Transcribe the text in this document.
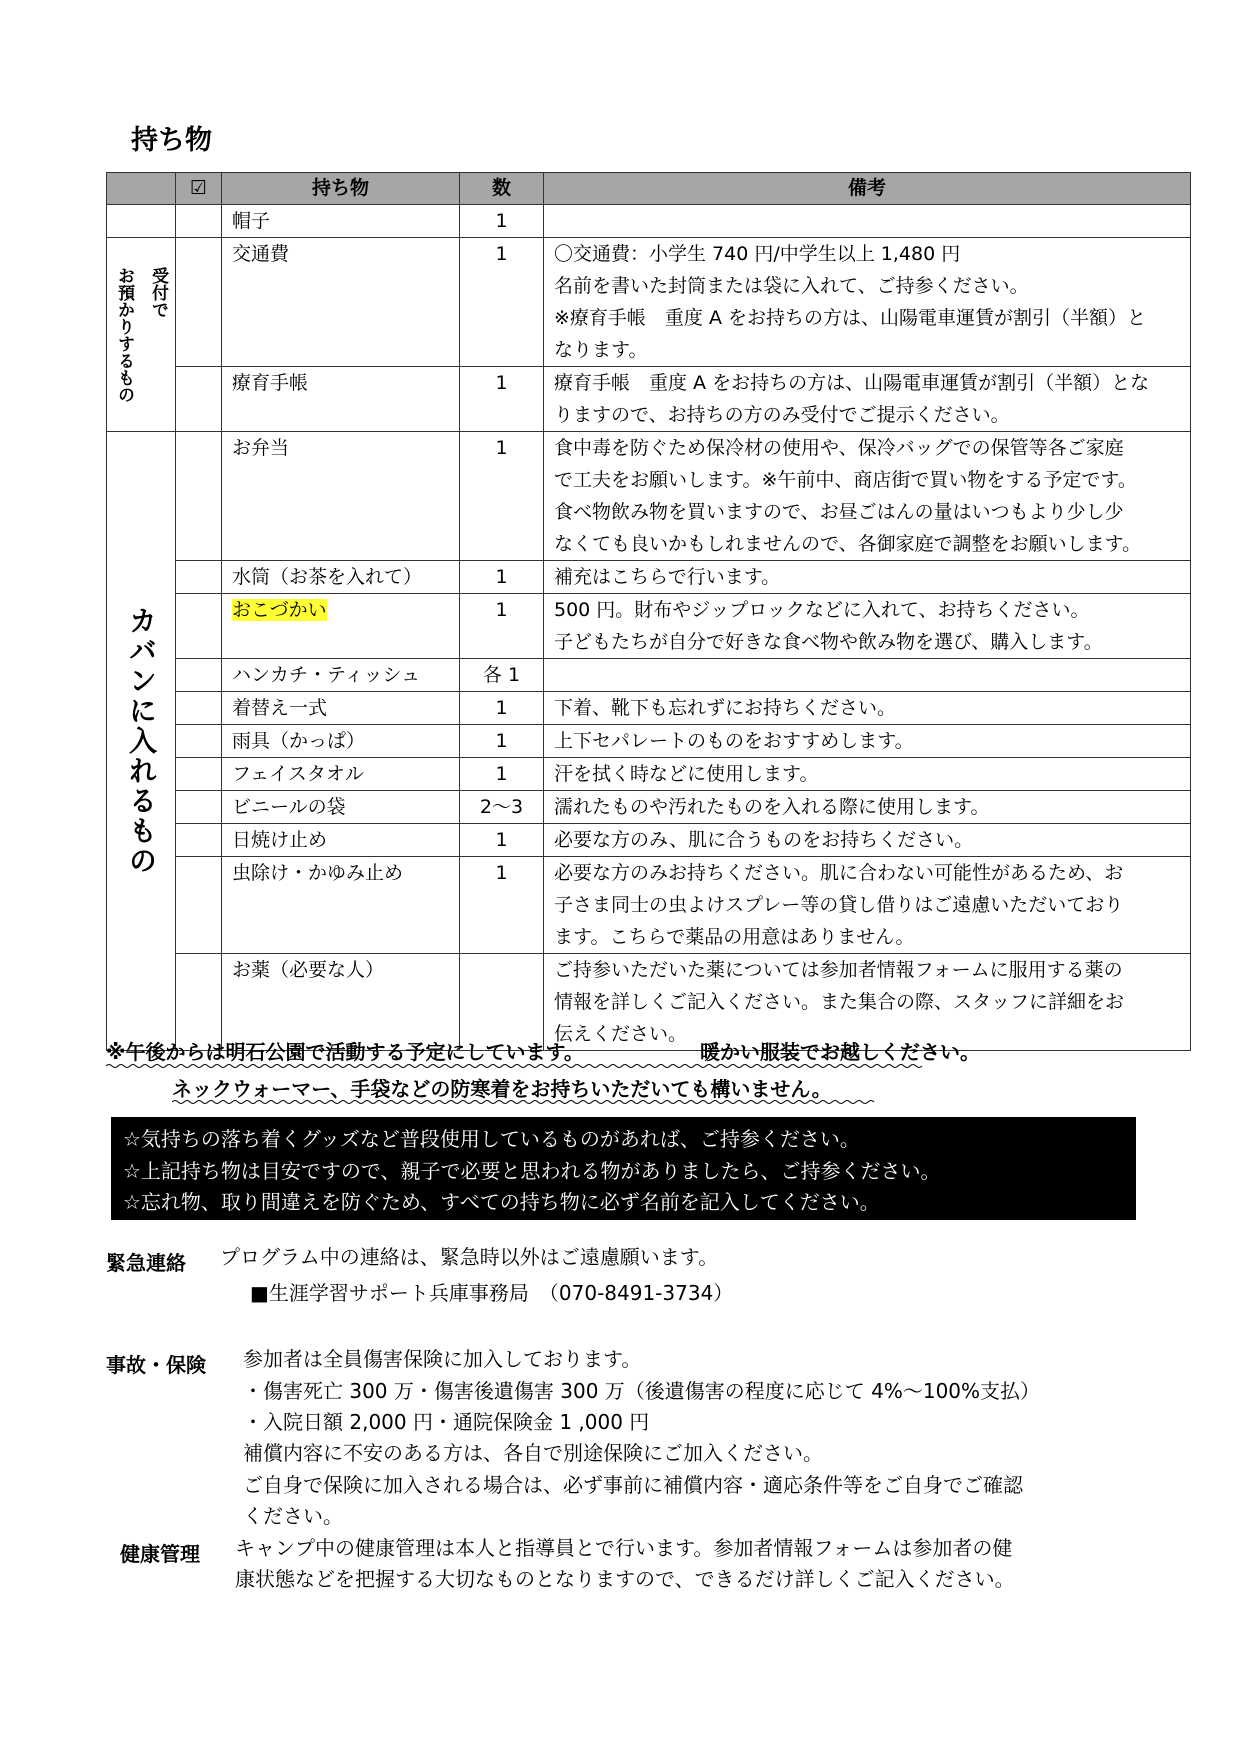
持ち物
	☑	持ち物	数	備考
		帽子	1	

受付で
お預かりするもの		交通費	1	〇交通費：小学生 740 円/中学生以上 1,480 円
名前を書いた封筒または袋に入れて、ご持参ください。
※療育手帳　重度 A をお持ちの方は、山陽電車運賃が割引（半額）と
なります。
		療育手帳	1	療育手帳　重度 A をお持ちの方は、山陽電車運賃が割引（半額）とな
りますので、お持ちの方のみ受付でご提示ください。

カバンに入れるもの		お弁当	1	食中毒を防ぐため保冷材の使用や、保冷バッグでの保管等各ご家庭
で工夫をお願いします。※午前中、商店街で買い物をする予定です。
食べ物飲み物を買いますので、お昼ごはんの量はいつもより少し少
なくても良いかもしれませんので、各御家庭で調整をお願いします。
		水筒（お茶を入れて）	1	補充はこちらで行います。
		おこづかい	1	500 円。財布やジップロックなどに入れて、お持ちください。
子どもたちが自分で好きな食べ物や飲み物を選び、購入します。
		ハンカチ・ティッシュ	各 1	
		着替え一式	1	下着、靴下も忘れずにお持ちください。
		雨具（かっぱ）	1	上下セパレートのものをおすすめします。
		フェイスタオル	1	汗を拭く時などに使用します。
		ビニールの袋	2〜3	濡れたものや汚れたものを入れる際に使用します。
		日焼け止め	1	必要な方のみ、肌に合うものをお持ちください。
		虫除け・かゆみ止め	1	必要な方のみお持ちください。肌に合わない可能性があるため、お
子さま同士の虫よけスプレー等の貸し借りはご遠慮いただいており
ます。こちらで薬品の用意はありません。
		お薬（必要な人）		ご持参いただいた薬については参加者情報フォームに服用する薬の
情報を詳しくご記入ください。また集合の際、スタッフに詳細をお
伝えください。
※午後からは明石公園で活動する予定にしています。	暖かい服装でお越しください。
ネックウォーマー、手袋などの防寒着をお持ちいただいても構いません。
☆気持ちの落ち着くグッズなど普段使用しているものがあれば、ご持参ください。
☆上記持ち物は目安ですので、親子で必要と思われる物がありましたら、ご持参ください。
☆忘れ物、取り間違えを防ぐため、すべての持ち物に必ず名前を記入してください。
緊急連絡 プログラム中の連絡は、緊急時以外はご遠慮願います。
■生涯学習サポート兵庫事務局　（070-8491-3734）
事故・保険 参加者は全員傷害保険に加入しております。
・傷害死亡 300 万・傷害後遺傷害 300 万（後遺傷害の程度に応じて 4%〜100%支払）
・入院日額 2,000 円・通院保険金 1 ,000 円
補償内容に不安のある方は、各自で別途保険にご加入ください。
ご自身で保険に加入される場合は、必ず事前に補償内容・適応条件等をご自身でご確認
ください。
健康管理 キャンプ中の健康管理は本人と指導員とで行います。参加者情報フォームは参加者の健
康状態などを把握する大切なものとなりますので、できるだけ詳しくご記入ください。
